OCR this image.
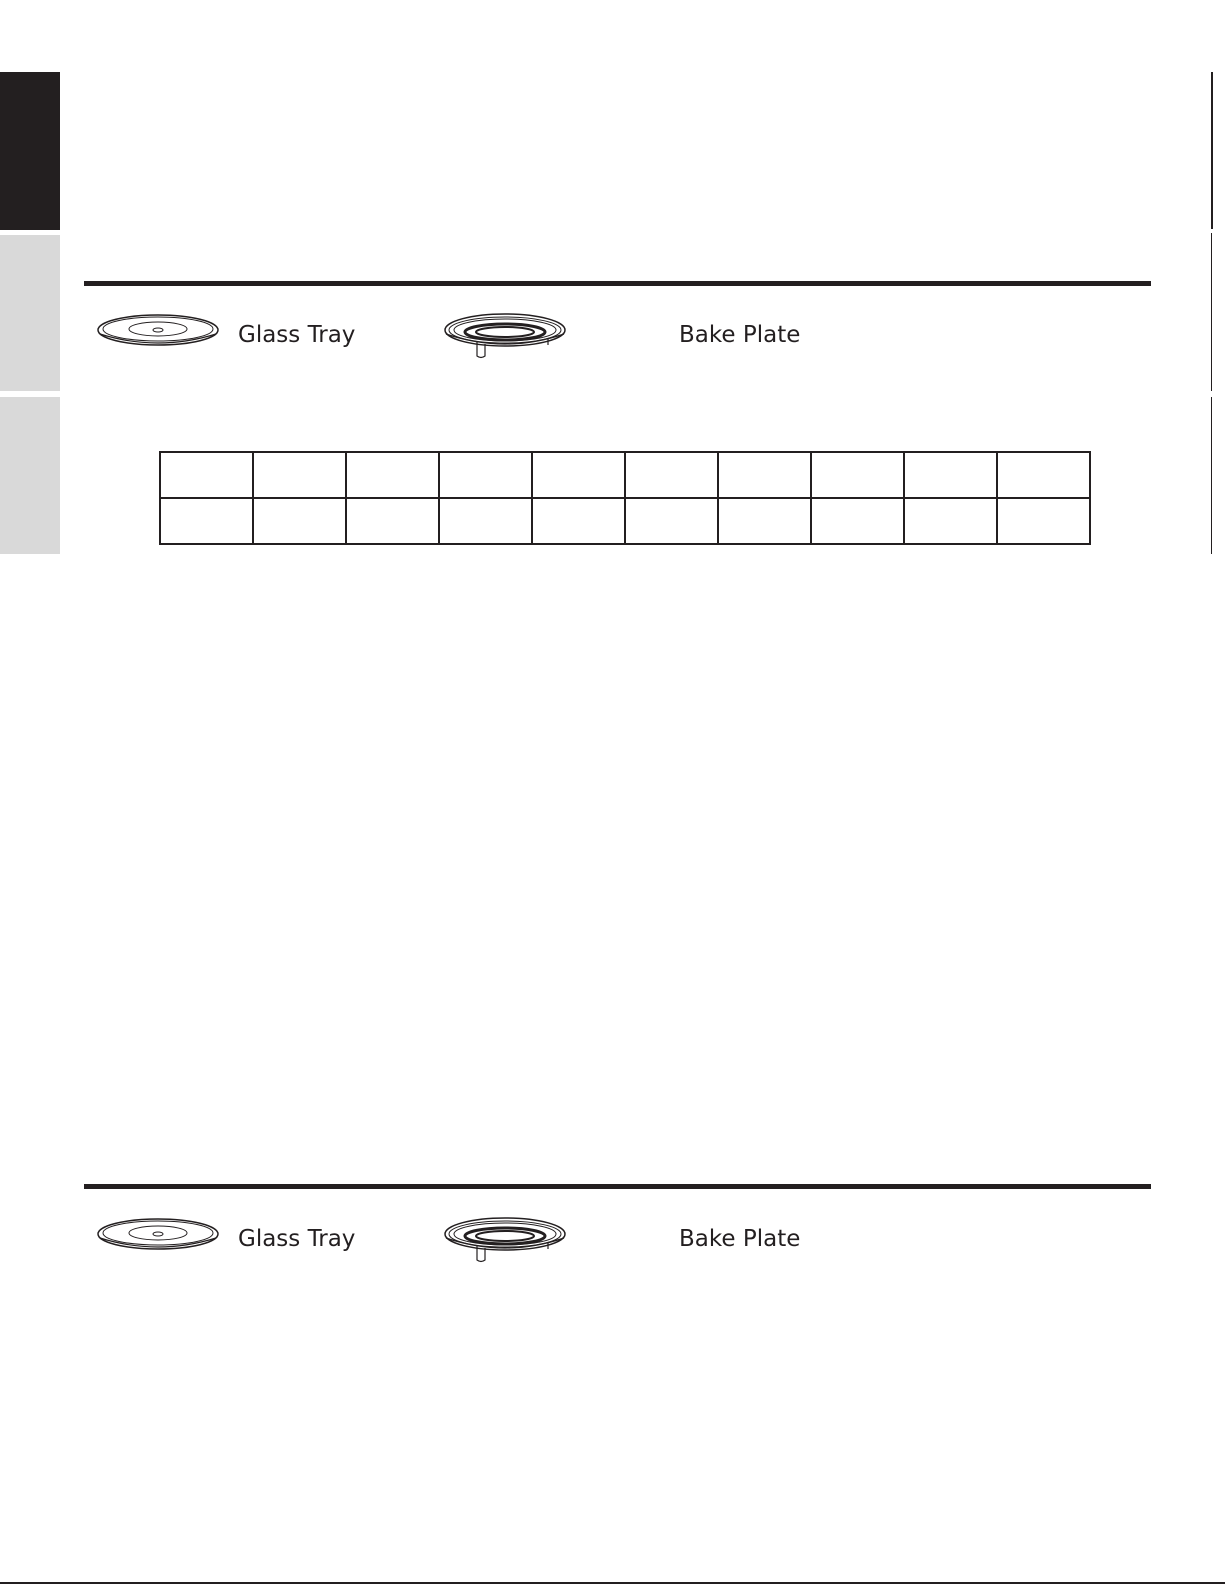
Glass Tray	Bake Plate

Glass Tray	Bake Plate
